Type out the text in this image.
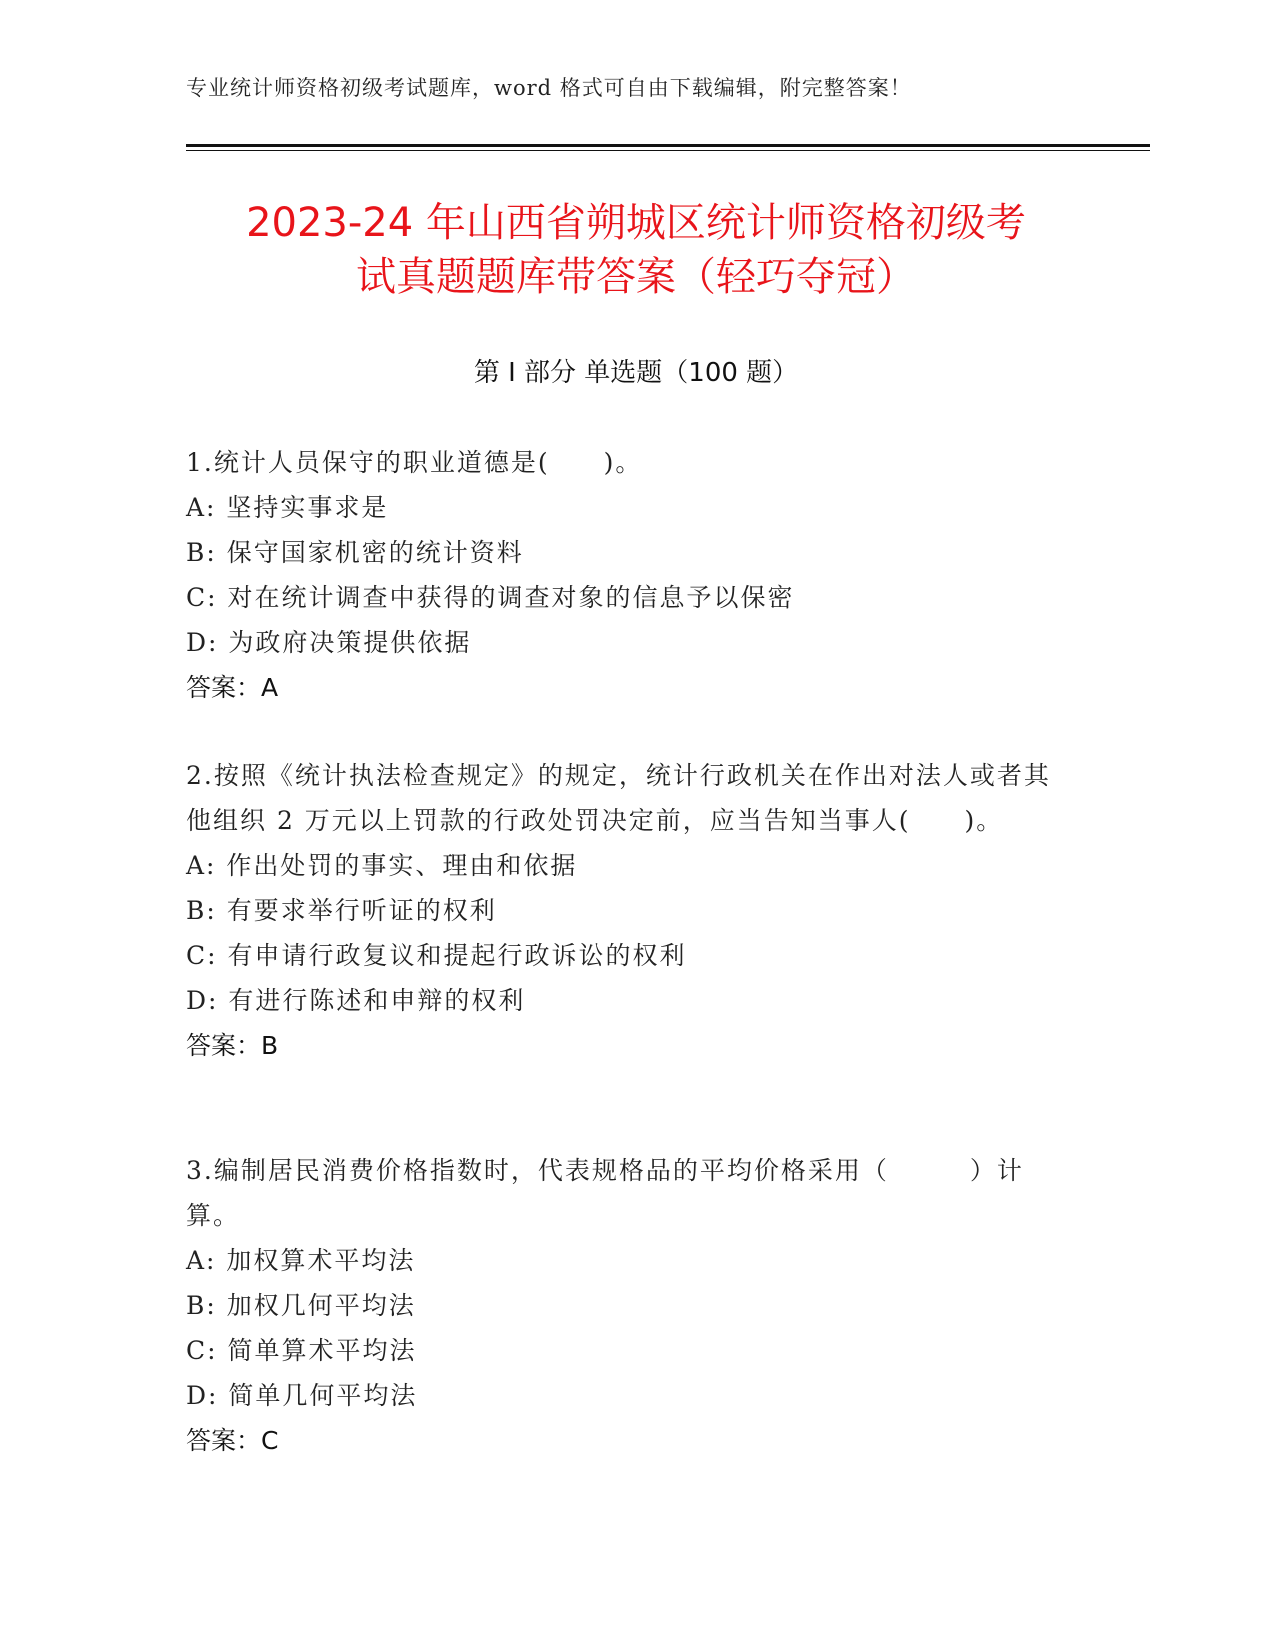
专业统计师资格初级考试题库，word 格式可自由下载编辑，附完整答案！
2023-24 年山西省朔城区统计师资格初级考
试真题题库带答案（轻巧夺冠）
第 I 部分 单选题（100 题）
1.统计人员保守的职业道德是(　　)。
A: 坚持实事求是
B: 保守国家机密的统计资料
C: 对在统计调查中获得的调查对象的信息予以保密
D: 为政府决策提供依据
答案：A
2.按照《统计执法检查规定》的规定，统计行政机关在作出对法人或者其他组织 2 万元以上罚款的行政处罚决定前，应当告知当事人(　　)。
A: 作出处罚的事实、理由和依据
B: 有要求举行听证的权利
C: 有申请行政复议和提起行政诉讼的权利
D: 有进行陈述和申辩的权利
答案：B
3.编制居民消费价格指数时，代表规格品的平均价格采用（　　　）计算。
A: 加权算术平均法
B: 加权几何平均法
C: 简单算术平均法
D: 简单几何平均法
答案：C
